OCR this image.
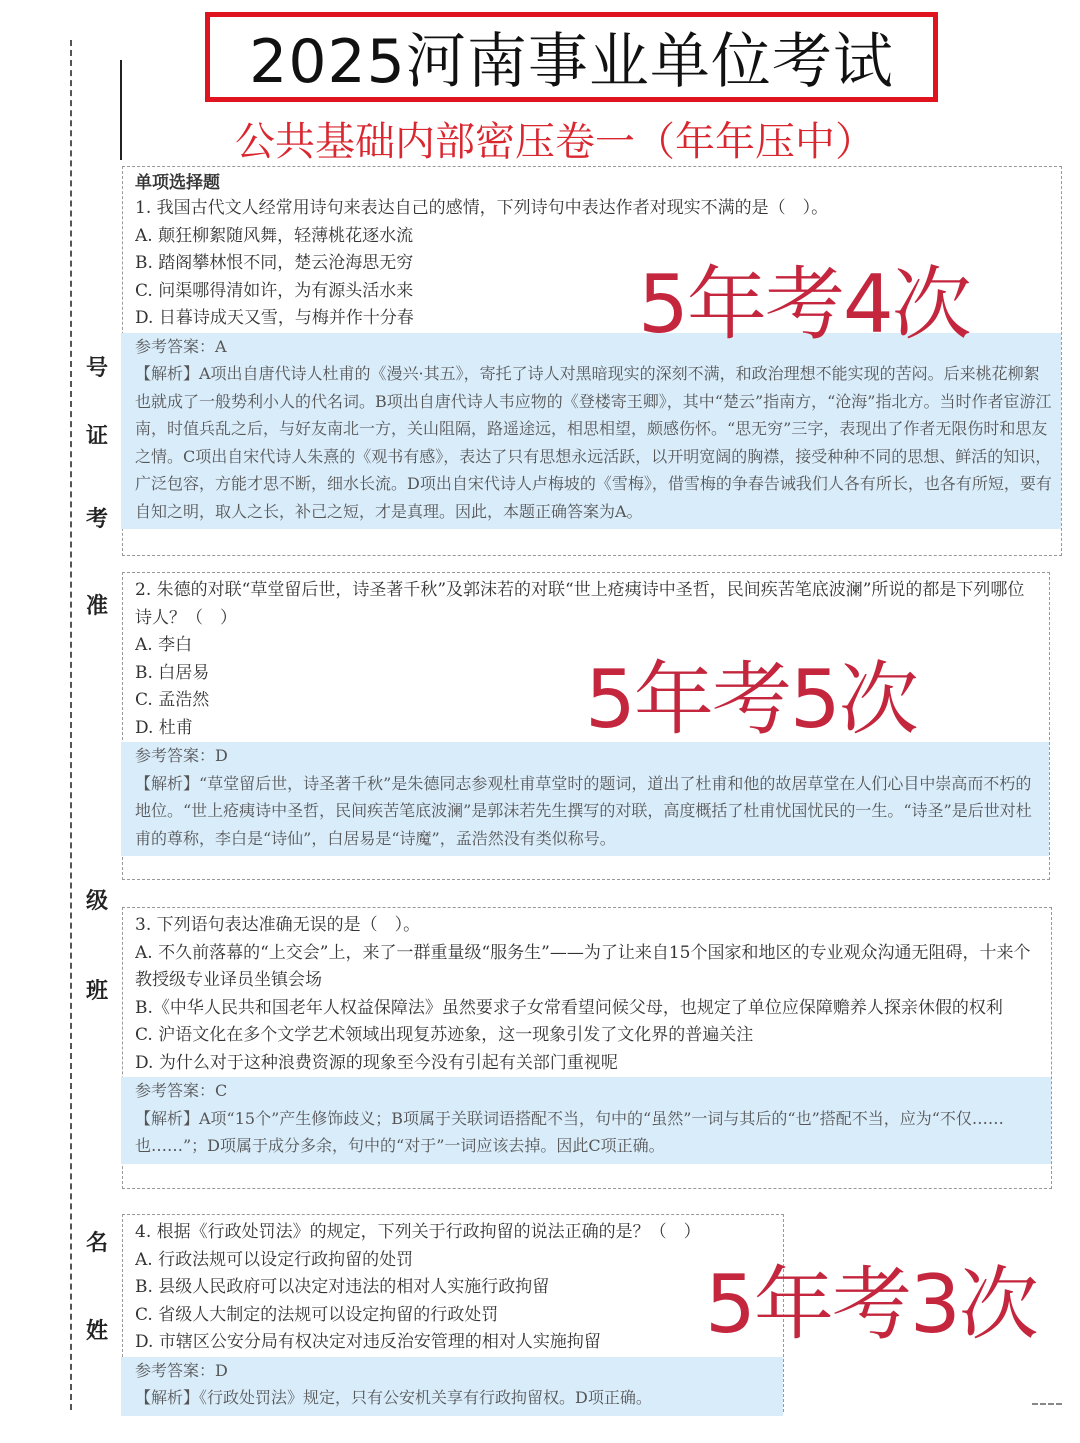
号
证
考
准
级
班
名
姓
2025河南事业单位考试
公共基础内部密压卷一（年年压中）
单项选择题
1. 我国古代文人经常用诗句来表达自己的感情，下列诗句中表达作者对现实不满的是（　）。
A. 颠狂柳絮随风舞，轻薄桃花逐水流
B. 踏阁攀林恨不同，楚云沧海思无穷
C. 问渠哪得清如许，为有源头活水来
D. 日暮诗成天又雪，与梅并作十分春
参考答案：A
【解析】A项出自唐代诗人杜甫的《漫兴·其五》，寄托了诗人对黑暗现实的深刻不满，和政治理想不能实现的苦闷。后来桃花柳絮也就成了一般势利小人的代名词。B项出自唐代诗人韦应物的《登楼寄王卿》，其中“楚云”指南方，“沧海”指北方。当时作者宦游江南，时值兵乱之后，与好友南北一方，关山阻隔，路遥途远，相思相望，颇感伤怀。“思无穷”三字，表现出了作者无限伤时和思友之情。C项出自宋代诗人朱熹的《观书有感》，表达了只有思想永远活跃，以开明宽阔的胸襟，接受种种不同的思想、鲜活的知识，广泛包容，方能才思不断，细水长流。D项出自宋代诗人卢梅坡的《雪梅》，借雪梅的争春告诫我们人各有所长，也各有所短，要有自知之明，取人之长，补己之短，才是真理。因此，本题正确答案为A。
5年考4次
2. 朱德的对联“草堂留后世，诗圣著千秋”及郭沫若的对联“世上疮痍诗中圣哲，民间疾苦笔底波澜”所说的都是下列哪位诗人？（　）
A. 李白
B. 白居易
C. 孟浩然
D. 杜甫
参考答案：D
【解析】“草堂留后世，诗圣著千秋”是朱德同志参观杜甫草堂时的题词，道出了杜甫和他的故居草堂在人们心目中崇高而不朽的地位。“世上疮痍诗中圣哲，民间疾苦笔底波澜”是郭沫若先生撰写的对联，高度概括了杜甫忧国忧民的一生。“诗圣”是后世对杜甫的尊称，李白是“诗仙”，白居易是“诗魔”，孟浩然没有类似称号。
5年考5次
3. 下列语句表达准确无误的是（　）。
A. 不久前落幕的“上交会”上，来了一群重量级“服务生”——为了让来自15个国家和地区的专业观众沟通无阻碍，十来个教授级专业译员坐镇会场
B.《中华人民共和国老年人权益保障法》虽然要求子女常看望问候父母，也规定了单位应保障赡养人探亲休假的权利
C. 沪语文化在多个文学艺术领域出现复苏迹象，这一现象引发了文化界的普遍关注
D. 为什么对于这种浪费资源的现象至今没有引起有关部门重视呢
参考答案：C
【解析】A项“15个”产生修饰歧义；B项属于关联词语搭配不当，句中的“虽然”一词与其后的“也”搭配不当，应为“不仅……也……”；D项属于成分多余，句中的“对于”一词应该去掉。因此C项正确。
4. 根据《行政处罚法》的规定，下列关于行政拘留的说法正确的是？（　）
A. 行政法规可以设定行政拘留的处罚
B. 县级人民政府可以决定对违法的相对人实施行政拘留
C. 省级人大制定的法规可以设定拘留的行政处罚
D. 市辖区公安分局有权决定对违反治安管理的相对人实施拘留
参考答案：D
【解析】《行政处罚法》规定，只有公安机关享有行政拘留权。D项正确。
5年考3次
